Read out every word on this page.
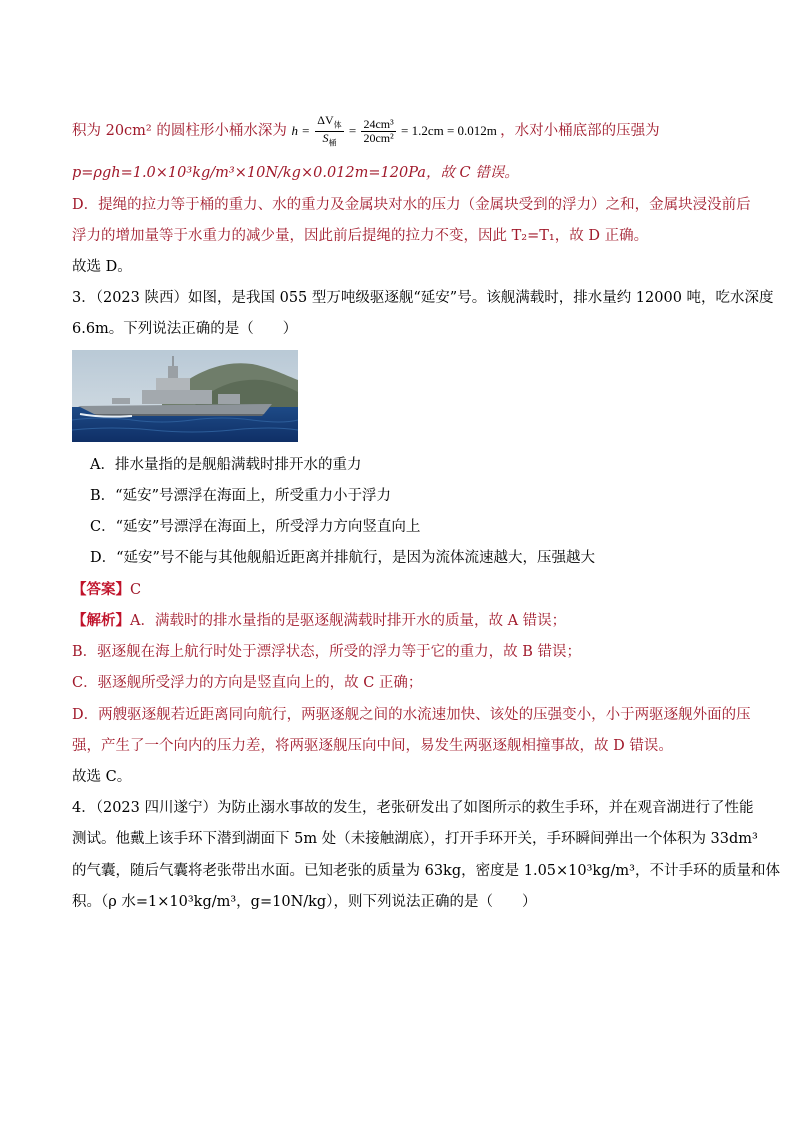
积为 20cm² 的圆柱形小桶水深为 $h = \frac{\Delta V_体}{S_桶} = \frac{\text{24cm³}}{\text{20cm²}} = 1.2cm = 0.012m$ ，水对小桶底部的压强为
p=ρgh=1.0×10³kg/m³×10N/kg×0.012m=120Pa，故 C 错误。
D．提绳的拉力等于桶的重力、水的重力及金属块对水的压力（金属块受到的浮力）之和，金属块浸没前后
浮力的增加量等于水重力的减少量，因此前后提绳的拉力不变，因此 T₂=T₁，故 D 正确。
故选 D。
3．（2023 陕西）如图，是我国 055 型万吨级驱逐舰“延安”号。该舰满载时，排水量约 12000 吨，吃水深度
6.6m。下列说法正确的是（　　）
A．排水量指的是舰船满载时排开水的重力
B．“延安”号漂浮在海面上，所受重力小于浮力
C．“延安”号漂浮在海面上，所受浮力方向竖直向上
D．“延安”号不能与其他舰船近距离并排航行，是因为流体流速越大，压强越大
【答案】C
【解析】A．满载时的排水量指的是驱逐舰满载时排开水的质量，故 A 错误；
B．驱逐舰在海上航行时处于漂浮状态，所受的浮力等于它的重力，故 B 错误；
C．驱逐舰所受浮力的方向是竖直向上的，故 C 正确；
D．两艘驱逐舰若近距离同向航行，两驱逐舰之间的水流速加快、该处的压强变小，小于两驱逐舰外面的压
强，产生了一个向内的压力差，将两驱逐舰压向中间，易发生两驱逐舰相撞事故，故 D 错误。
故选 C。
4．（2023 四川遂宁）为防止溺水事故的发生，老张研发出了如图所示的救生手环，并在观音湖进行了性能
测试。他戴上该手环下潜到湖面下 5m 处（未接触湖底），打开手环开关，手环瞬间弹出一个体积为 33dm³
的气囊，随后气囊将老张带出水面。已知老张的质量为 63kg，密度是 1.05×10³kg/m³，不计手环的质量和体
积。（ρ 水=1×10³kg/m³，g=10N/kg），则下列说法正确的是（　　）
